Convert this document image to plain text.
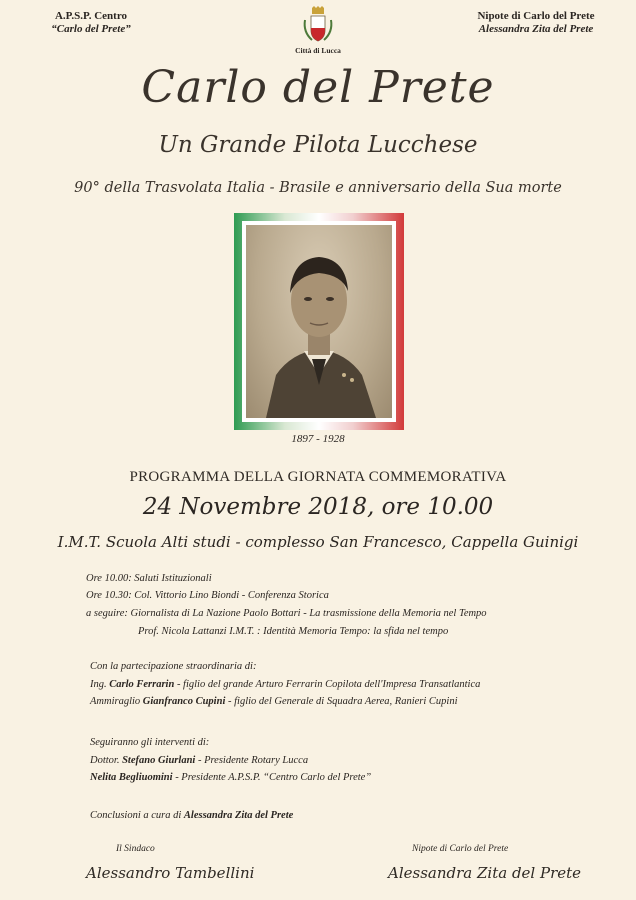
A.P.S.P. Centro
“Carlo del Prete”
Città di Lucca
Nipote di Carlo del Prete
Alessandra Zita del Prete
Carlo del Prete
Un Grande Pilota Lucchese
90° della Trasvolata Italia - Brasile e anniversario della Sua morte
1897 - 1928
PROGRAMMA DELLA GIORNATA COMMEMORATIVA
24 Novembre 2018, ore 10.00
I.M.T. Scuola Alti studi - complesso San Francesco, Cappella Guinigi
Ore 10.00: Saluti Istituzionali
Ore 10.30: Col. Vittorio Lino Biondi - Conferenza Storica
a seguire: Giornalista di La Nazione Paolo Bottari - La trasmissione della Memoria nel Tempo
Prof. Nicola Lattanzi I.M.T. : Identità Memoria Tempo: la sfida nel tempo
Con la partecipazione straordinaria di:
Ing. Carlo Ferrarin - figlio del grande Arturo Ferrarin Copilota dell'Impresa Transatlantica
Ammiraglio Gianfranco Cupini - figlio del Generale di Squadra Aerea, Ranieri Cupini
Seguiranno gli interventi di:
Dottor. Stefano Giurlani - Presidente Rotary Lucca
Nelita Begliuomini - Presidente A.P.S.P. “Centro Carlo del Prete”
Conclusioni a cura di Alessandra Zita del Prete
Il Sindaco
Alessandro Tambellini
Nipote di Carlo del Prete
Alessandra Zita del Prete
